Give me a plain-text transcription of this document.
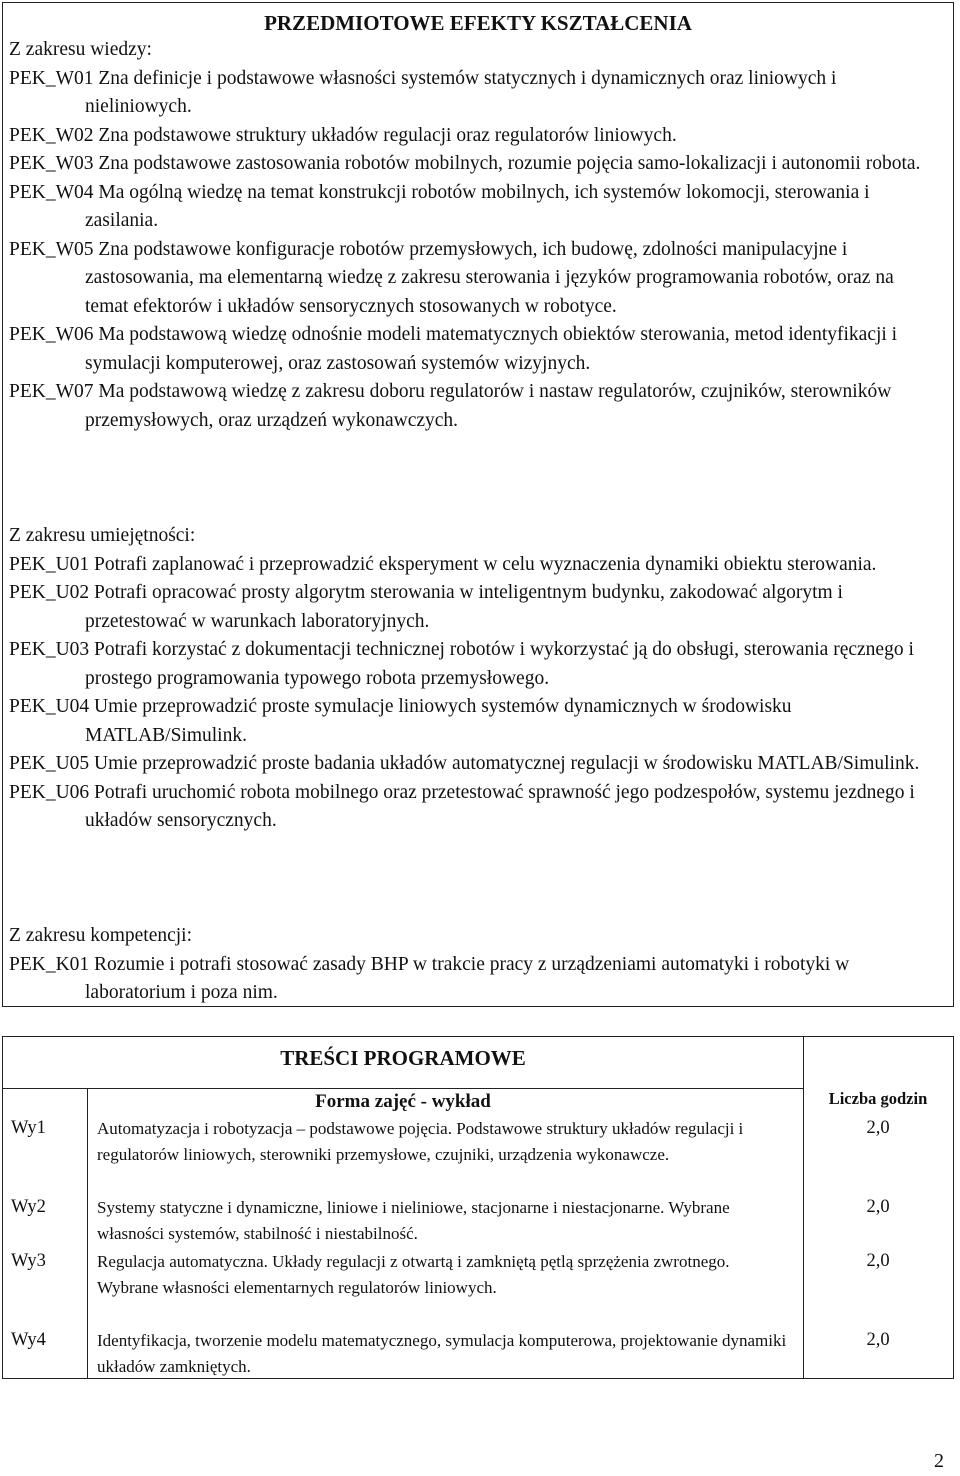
PRZEDMIOTOWE EFEKTY KSZTAŁCENIA
Z zakresu wiedzy:
PEK_W01 Zna definicje i podstawowe własności systemów statycznych i dynamicznych oraz liniowych i nieliniowych.
PEK_W02 Zna podstawowe struktury układów regulacji oraz regulatorów liniowych.
PEK_W03 Zna podstawowe zastosowania robotów mobilnych, rozumie pojęcia samo-lokalizacji i autonomii robota.
PEK_W04 Ma ogólną wiedzę na temat konstrukcji robotów mobilnych, ich systemów lokomocji, sterowania i zasilania.
PEK_W05 Zna podstawowe konfiguracje robotów przemysłowych, ich budowę, zdolności manipulacyjne i zastosowania, ma elementarną wiedzę z zakresu sterowania i języków programowania robotów, oraz na temat efektorów i układów sensorycznych stosowanych w robotyce.
PEK_W06 Ma podstawową wiedzę odnośnie modeli matematycznych obiektów sterowania, metod identyfikacji i symulacji komputerowej, oraz zastosowań systemów wizyjnych.
PEK_W07 Ma podstawową wiedzę z zakresu doboru regulatorów i nastaw regulatorów, czujników, sterowników przemysłowych, oraz urządzeń wykonawczych.
Z zakresu umiejętności:
PEK_U01 Potrafi zaplanować i przeprowadzić eksperyment w celu wyznaczenia dynamiki obiektu sterowania.
PEK_U02 Potrafi opracować prosty algorytm sterowania w inteligentnym budynku, zakodować algorytm i przetestować w warunkach laboratoryjnych.
PEK_U03 Potrafi korzystać z dokumentacji technicznej robotów i wykorzystać ją do obsługi, sterowania ręcznego i prostego programowania typowego robota przemysłowego.
PEK_U04 Umie przeprowadzić proste symulacje liniowych systemów dynamicznych w środowisku MATLAB/Simulink.
PEK_U05 Umie przeprowadzić proste badania układów automatycznej regulacji w środowisku MATLAB/Simulink.
PEK_U06 Potrafi uruchomić robota mobilnego oraz przetestować sprawność jego podzespołów, systemu jezdnego i układów sensorycznych.
Z zakresu kompetencji:
PEK_K01 Rozumie i potrafi stosować zasady BHP w trakcie pracy z urządzeniami automatyki i robotyki w laboratorium i poza nim.
TREŚCI PROGRAMOWE
Forma zajęć - wykład	Liczba godzin
Wy1	Automatyzacja i robotyzacja – podstawowe pojęcia. Podstawowe struktury układów regulacji i regulatorów liniowych, sterowniki przemysłowe, czujniki, urządzenia wykonawcze.
2,0
Wy2	Systemy statyczne i dynamiczne, liniowe i nieliniowe, stacjonarne i niestacjonarne. Wybrane własności systemów, stabilność i niestabilność.
2,0
Wy3	Regulacja automatyczna. Układy regulacji z otwartą i zamkniętą pętlą sprzężenia zwrotnego. Wybrane własności elementarnych regulatorów liniowych.
2,0
Wy4	Identyfikacja, tworzenie modelu matematycznego, symulacja komputerowa, projektowanie dynamiki układów zamkniętych.
2,0
2
